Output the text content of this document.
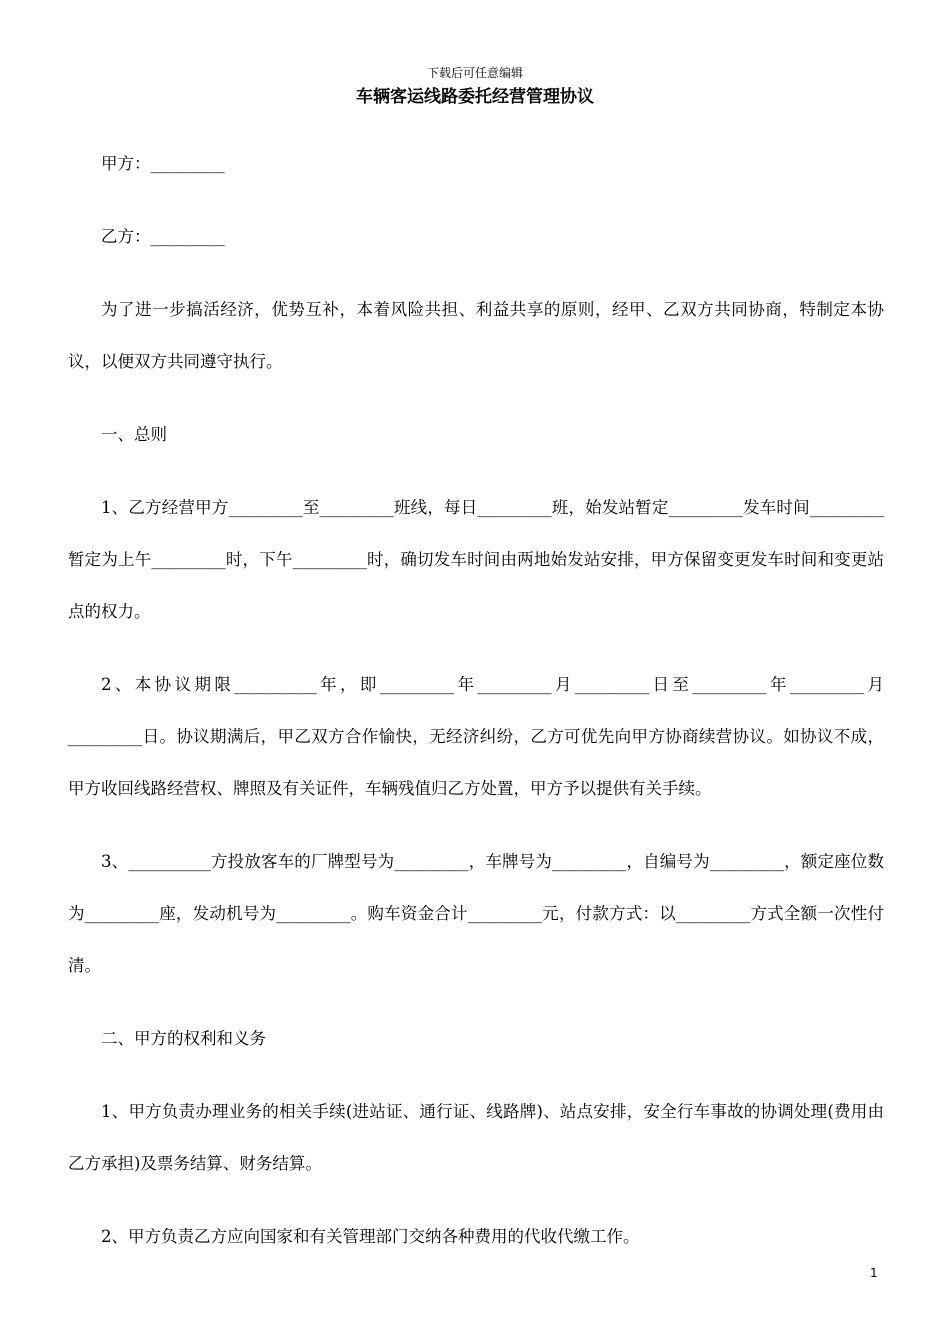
下载后可任意编辑
车辆客运线路委托经营管理协议

甲方：_________

乙方：_________

为了进一步搞活经济，优势互补，本着风险共担、利益共享的原则，经甲、乙双方共同协商，特制定本协议，以便双方共同遵守执行。

一、总则

1、乙方经营甲方_________至_________班线，每日_________班，始发站暂定_________发车时间_________暂定为上午_________时，下午_________时，确切发车时间由两地始发站安排，甲方保留变更发车时间和变更站点的权力。

2、本协议期限__________年，即_________年_________月_________日至_________年_________月_________日。协议期满后，甲乙双方合作愉快，无经济纠纷，乙方可优先向甲方协商续营协议。如协议不成，甲方收回线路经营权、牌照及有关证件，车辆残值归乙方处置，甲方予以提供有关手续。

3、__________方投放客车的厂牌型号为_________，车牌号为_________，自编号为_________，额定座位数为_________座，发动机号为_________。购车资金合计_________元，付款方式：以_________方式全额一次性付清。

二、甲方的权利和义务

1、甲方负责办理业务的相关手续(进站证、通行证、线路牌)、站点安排，安全行车事故的协调处理(费用由乙方承担)及票务结算、财务结算。

2、甲方负责乙方应向国家和有关管理部门交纳各种费用的代收代缴工作。

1
